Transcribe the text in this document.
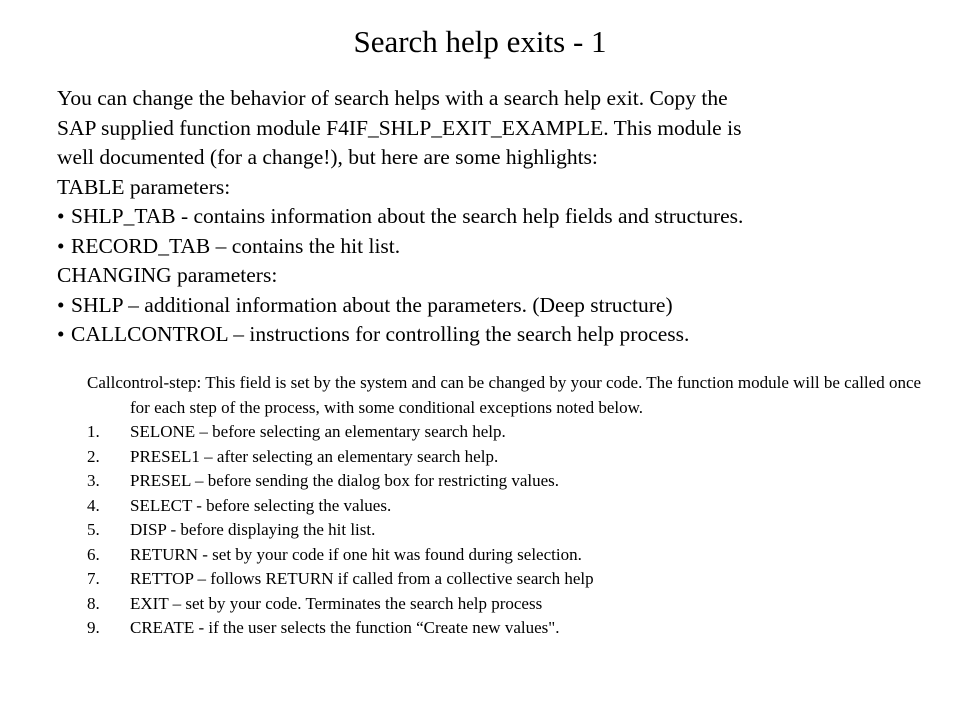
Search help exits - 1
You can change the behavior of search helps with a search help exit. Copy the
SAP supplied function module F4IF_SHLP_EXIT_EXAMPLE. This module is
well documented (for a change!), but here are some highlights:
TABLE parameters:
• SHLP_TAB - contains information about the search help fields and structures.
• RECORD_TAB – contains the hit list.
CHANGING parameters:
• SHLP – additional information about the parameters. (Deep structure)
• CALLCONTROL – instructions for controlling the search help process.
Callcontrol-step: This field is set by the system and can be changed by your code. The function module will be called once for each step of the process, with some conditional exceptions noted below.
1. SELONE – before selecting an elementary search help.
2. PRESEL1 – after selecting an elementary search help.
3. PRESEL – before sending the dialog box for restricting values.
4. SELECT - before selecting the values.
5. DISP - before displaying the hit list.
6. RETURN - set by your code if one hit was found during selection.
7. RETTOP – follows RETURN if called from a collective search help
8. EXIT – set by your code. Terminates the search help process
9. CREATE - if the user selects the function “Create new values".
